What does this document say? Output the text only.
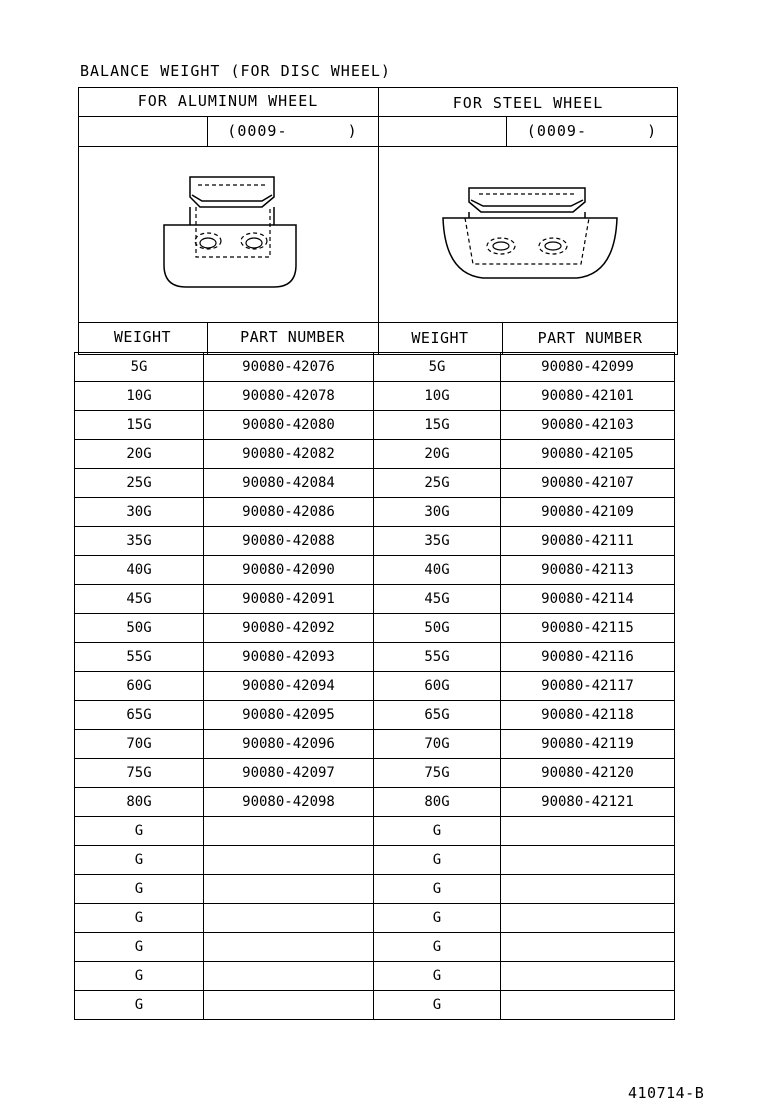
BALANCE WEIGHT (FOR DISC WHEEL)
FOR ALUMINUM WHEEL	FOR STEEL WHEEL
(0009-      )	(0009-      )
WEIGHT	PART NUMBER	WEIGHT	PART NUMBER
5G	90080-42076	5G	90080-42099
10G	90080-42078	10G	90080-42101
15G	90080-42080	15G	90080-42103
20G	90080-42082	20G	90080-42105
25G	90080-42084	25G	90080-42107
30G	90080-42086	30G	90080-42109
35G	90080-42088	35G	90080-42111
40G	90080-42090	40G	90080-42113
45G	90080-42091	45G	90080-42114
50G	90080-42092	50G	90080-42115
55G	90080-42093	55G	90080-42116
60G	90080-42094	60G	90080-42117
65G	90080-42095	65G	90080-42118
70G	90080-42096	70G	90080-42119
75G	90080-42097	75G	90080-42120
80G	90080-42098	80G	90080-42121
G		G	
G		G	
G		G	
G		G	
G		G	
G		G	
G		G	
410714-B
